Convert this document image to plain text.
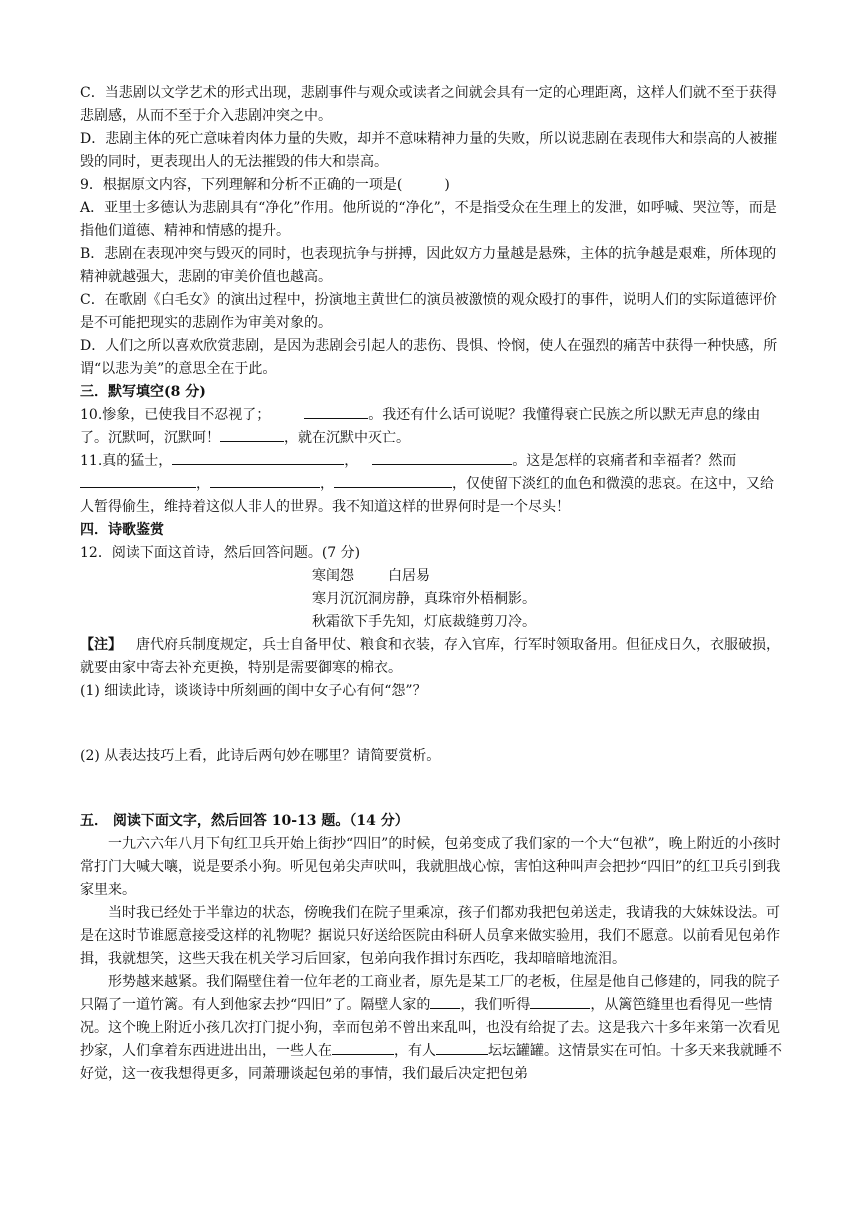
C．当悲剧以文学艺术的形式出现，悲剧事件与观众或读者之间就会具有一定的心理距离，这样人们就不至于获得悲剧感，从而不至于介入悲剧冲突之中。

D．悲剧主体的死亡意味着肉体力量的失败，却并不意味精神力量的失败，所以说悲剧在表现伟大和崇高的人被摧毁的同时，更表现出人的无法摧毁的伟大和崇高。

9．根据原文内容，下列理解和分析不正确的一项是(　　　)

A．亚里士多德认为悲剧具有“净化”作用。他所说的“净化”，不是指受众在生理上的发泄，如呼喊、哭泣等，而是指他们道德、精神和情感的提升。

B．悲剧在表现冲突与毁灭的同时，也表现抗争与拼搏，因此奴方力量越是悬殊，主体的抗争越是艰难，所体现的精神就越强大，悲剧的审美价值也越高。

C．在歌剧《白毛女》的演出过程中，扮演地主黄世仁的演员被激愤的观众殴打的事件，说明人们的实际道德评价是不可能把现实的悲剧作为审美对象的。

D．人们之所以喜欢欣赏悲剧，是因为悲剧会引起人的悲伤、畏惧、怜悯，使人在强烈的痛苦中获得一种快感，所谓“以悲为美”的意思全在于此。

三．默写填空(8 分)

10.惨象，已使我目不忍视了；	。我还有什么话可说呢？我懂得衰亡民族之所以默无声息的缘由了。沉默呵，沉默呵！	，就在沉默中灭亡。

11.真的猛士，	，	。这是怎样的哀痛者和幸福者？然而，	，	，仅使留下淡红的血色和微漠的悲哀。在这中，又给人暂得偷生，维持着这似人非人的世界。我不知道这样的世界何时是一个尽头！

四．诗歌鉴赏

12．阅读下面这首诗，然后回答问题。(7 分)

寒闺怨 白居易

寒月沉沉洞房静，真珠帘外梧桐影。

秋霜欲下手先知，灯底裁缝剪刀冷。

【注】 唐代府兵制度规定，兵士自备甲仗、粮食和衣装，存入官库，行军时领取备用。但征戍日久，衣服破损，就要由家中寄去补充更换，特别是需要御寒的棉衣。

(1) 细读此诗，谈谈诗中所刻画的闺中女子心有何“怨”？

(2) 从表达技巧上看，此诗后两句妙在哪里？请简要赏析。

五． 阅读下面文字，然后回答 10-13 题。（14 分）

一九六六年八月下旬红卫兵开始上街抄“四旧”的时候，包弟变成了我们家的一个大“包袱”，晚上附近的小孩时常打门大喊大嚷，说是要杀小狗。听见包弟尖声吠叫，我就胆战心惊，害怕这种叫声会把抄“四旧”的红卫兵引到我家里来。

当时我已经处于半靠边的状态，傍晚我们在院子里乘凉，孩子们都劝我把包弟送走，我请我的大妹妹设法。可是在这时节谁愿意接受这样的礼物呢？据说只好送给医院由科研人员拿来做实验用，我们不愿意。以前看见包弟作揖，我就想笑，这些天我在机关学习后回家，包弟向我作揖讨东西吃，我却暗暗地流泪。

形势越来越紧。我们隔壁住着一位年老的工商业者，原先是某工厂的老板，住屋是他自己修建的，同我的院子只隔了一道竹篱。有人到他家去抄“四旧”了。隔壁人家的 ，我们听得	，从篱笆缝里也看得见一些情况。这个晚上附近小孩几次打门捉小狗，幸而包弟不曾出来乱叫，也没有给捉了去。这是我六十多年来第一次看见抄家，人们拿着东西进进出出，一些人在	，有人	坛坛罐罐。这情景实在可怕。十多天来我就睡不好觉，这一夜我想得更多，同萧珊谈起包弟的事情，我们最后决定把包弟
